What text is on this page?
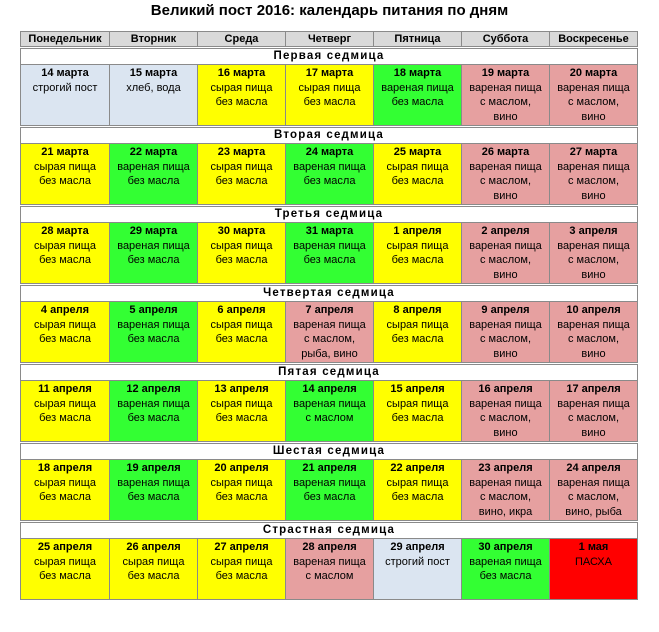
Великий пост 2016: календарь питания по дням
Понедельник	Вторник	Среда	Четверг	Пятница	Суббота	Воскресенье

Первая седмица						

14 марта
строгий пост	15 марта
хлеб, вода	16 марта
сырая пища
без масла	17 марта
сырая пища
без масла	18 марта
вареная пища
без масла	19 марта
вареная пища
с маслом,
вино	20 марта
вареная пища
с маслом,
вино

Вторая седмица						

21 марта
сырая пища
без масла	22 марта
вареная пища
без масла	23 марта
сырая пища
без масла	24 марта
вареная пища
без масла	25 марта
сырая пища
без масла	26 марта
вареная пища
с маслом,
вино	27 марта
вареная пища
с маслом,
вино

Третья седмица						

28 марта
сырая пища
без масла	29 марта
вареная пища
без масла	30 марта
сырая пища
без масла	31 марта
вареная пища
без масла	1 апреля
сырая пища
без масла	2 апреля
вареная пища
с маслом,
вино	3 апреля
вареная пища
с маслом,
вино

Четвертая седмица						

4 апреля
сырая пища
без масла	5 апреля
вареная пища
без масла	6 апреля
сырая пища
без масла	7 апреля
вареная пища
с маслом,
рыба, вино	8 апреля
сырая пища
без масла	9 апреля
вареная пища
с маслом,
вино	10 апреля
вареная пища
с маслом,
вино

Пятая седмица						

11 апреля
сырая пища
без масла	12 апреля
вареная пища
без масла	13 апреля
сырая пища
без масла	14 апреля
вареная пища
с маслом	15 апреля
сырая пища
без масла	16 апреля
вареная пища
с маслом,
вино	17 апреля
вареная пища
с маслом,
вино

Шестая седмица						

18 апреля
сырая пища
без масла	19 апреля
вареная пища
без масла	20 апреля
сырая пища
без масла	21 апреля
вареная пища
без масла	22 апреля
сырая пища
без масла	23 апреля
вареная пища
с маслом,
вино, икра	24 апреля
вареная пища
с маслом,
вино, рыба

Страстная седмица						

25 апреля
сырая пища
без масла	26 апреля
сырая пища
без масла	27 апреля
сырая пища
без масла	28 апреля
вареная пища
с маслом	29 апреля
строгий пост	30 апреля
вареная пища
без масла	1 мая
ПАСХА
